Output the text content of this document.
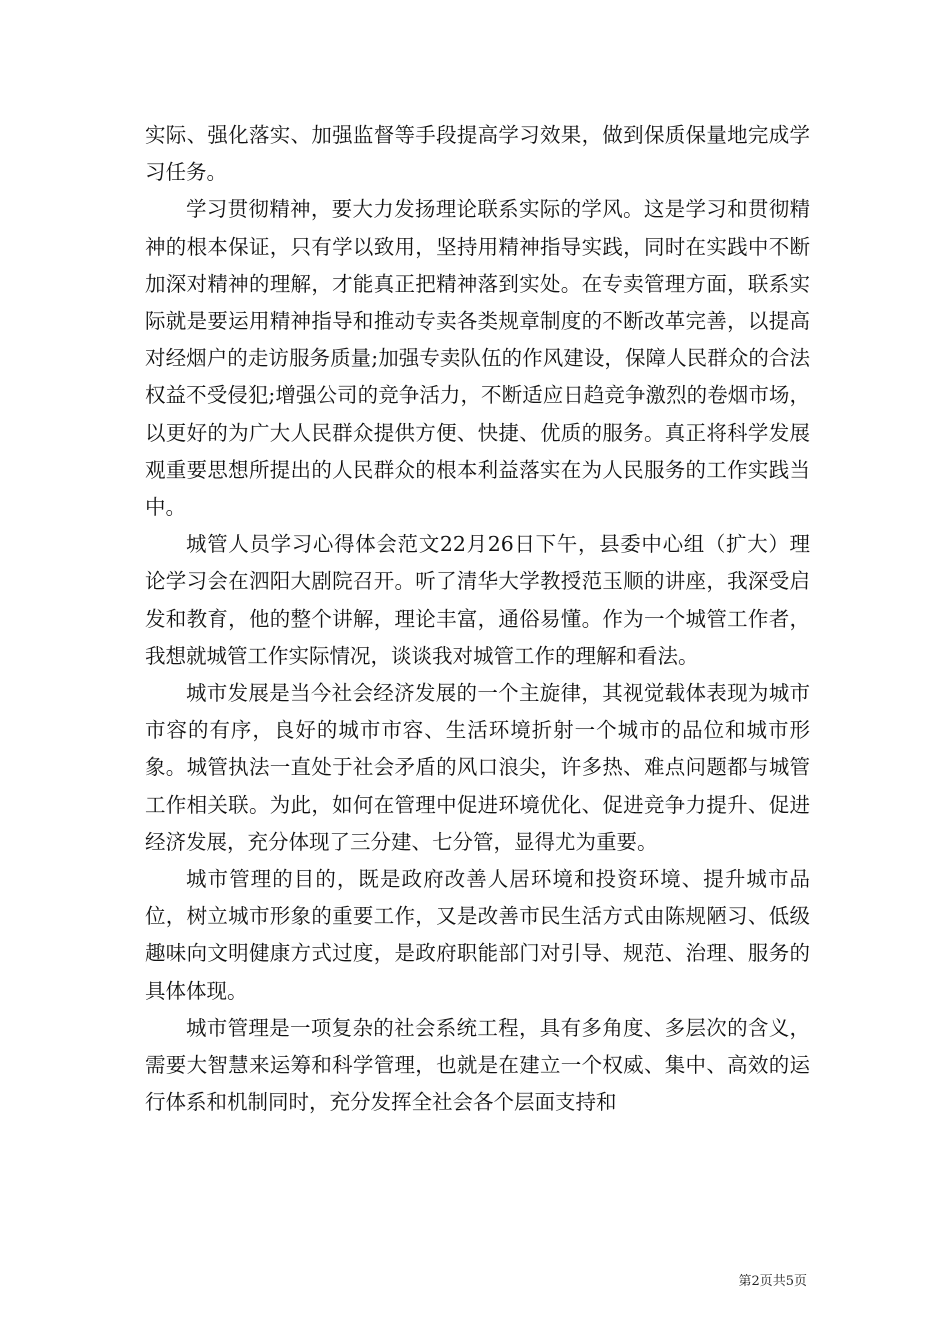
实际、强化落实、加强监督等手段提高学习效果，做到保质保量地完成学习任务。

学习贯彻精神，要大力发扬理论联系实际的学风。这是学习和贯彻精神的根本保证，只有学以致用，坚持用精神指导实践，同时在实践中不断加深对精神的理解，才能真正把精神落到实处。在专卖管理方面，联系实际就是要运用精神指导和推动专卖各类规章制度的不断改革完善，以提高对经烟户的走访服务质量;加强专卖队伍的作风建设，保障人民群众的合法权益不受侵犯;增强公司的竞争活力，不断适应日趋竞争激烈的卷烟市场，以更好的为广大人民群众提供方便、快捷、优质的服务。真正将科学发展观重要思想所提出的人民群众的根本利益落实在为人民服务的工作实践当中。

城管人员学习心得体会范文22月26日下午，县委中心组（扩大）理论学习会在泗阳大剧院召开。听了清华大学教授范玉顺的讲座，我深受启发和教育，他的整个讲解，理论丰富，通俗易懂。作为一个城管工作者，我想就城管工作实际情况，谈谈我对城管工作的理解和看法。

城市发展是当今社会经济发展的一个主旋律，其视觉载体表现为城市市容的有序，良好的城市市容、生活环境折射一个城市的品位和城市形象。城管执法一直处于社会矛盾的风口浪尖，许多热、难点问题都与城管工作相关联。为此，如何在管理中促进环境优化、促进竞争力提升、促进经济发展，充分体现了三分建、七分管，显得尤为重要。

城市管理的目的，既是政府改善人居环境和投资环境、提升城市品位，树立城市形象的重要工作，又是改善市民生活方式由陈规陋习、低级趣味向文明健康方式过度，是政府职能部门对引导、规范、治理、服务的具体体现。

城市管理是一项复杂的社会系统工程，具有多角度、多层次的含义，需要大智慧来运筹和科学管理，也就是在建立一个权威、集中、高效的运行体系和机制同时，充分发挥全社会各个层面支持和

第2页共5页
